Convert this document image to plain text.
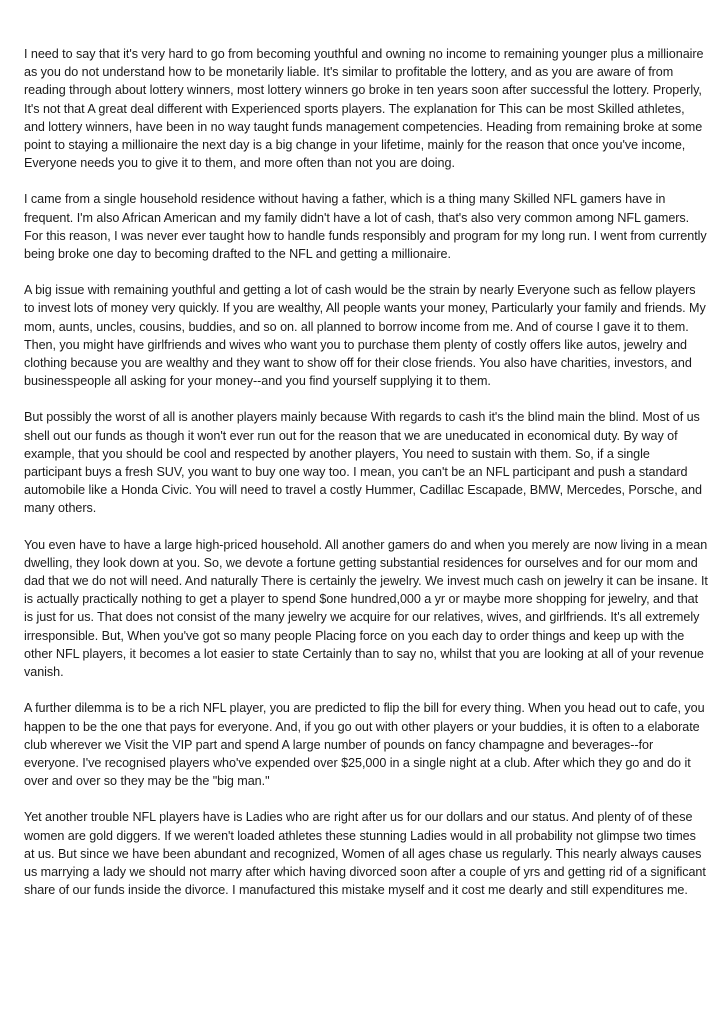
I need to say that it's very hard to go from becoming youthful and owning no income to remaining younger plus a millionaire as you do not understand how to be monetarily liable. It's similar to profitable the lottery, and as you are aware of from reading through about lottery winners, most lottery winners go broke in ten years soon after successful the lottery. Properly, It's not that A great deal different with Experienced sports players. The explanation for This can be most Skilled athletes, and lottery winners, have been in no way taught funds management competencies. Heading from remaining broke at some point to staying a millionaire the next day is a big change in your lifetime, mainly for the reason that once you've income, Everyone needs you to give it to them, and more often than not you are doing.

I came from a single household residence without having a father, which is a thing many Skilled NFL gamers have in frequent. I'm also African American and my family didn't have a lot of cash, that's also very common among NFL gamers. For this reason, I was never ever taught how to handle funds responsibly and program for my long run. I went from currently being broke one day to becoming drafted to the NFL and getting a millionaire.

A big issue with remaining youthful and getting a lot of cash would be the strain by nearly Everyone such as fellow players to invest lots of money very quickly. If you are wealthy, All people wants your money, Particularly your family and friends. My mom, aunts, uncles, cousins, buddies, and so on. all planned to borrow income from me. And of course I gave it to them. Then, you might have girlfriends and wives who want you to purchase them plenty of costly offers like autos, jewelry and clothing because you are wealthy and they want to show off for their close friends. You also have charities, investors, and businesspeople all asking for your money--and you find yourself supplying it to them.

But possibly the worst of all is another players mainly because With regards to cash it's the blind main the blind. Most of us shell out our funds as though it won't ever run out for the reason that we are uneducated in economical duty. By way of example, that you should be cool and respected by another players, You need to sustain with them. So, if a single participant buys a fresh SUV, you want to buy one way too. I mean, you can't be an NFL participant and push a standard automobile like a Honda Civic. You will need to travel a costly Hummer, Cadillac Escapade, BMW, Mercedes, Porsche, and many others.

You even have to have a large high-priced household. All another gamers do and when you merely are now living in a mean dwelling, they look down at you. So, we devote a fortune getting substantial residences for ourselves and for our mom and dad that we do not will need. And naturally There is certainly the jewelry. We invest much cash on jewelry it can be insane. It is actually practically nothing to get a player to spend $one hundred,000 a yr or maybe more shopping for jewelry, and that is just for us. That does not consist of the many jewelry we acquire for our relatives, wives, and girlfriends. It's all extremely irresponsible. But, When you've got so many people Placing force on you each day to order things and keep up with the other NFL players, it becomes a lot easier to state Certainly than to say no, whilst that you are looking at all of your revenue vanish.

A further dilemma is to be a rich NFL player, you are predicted to flip the bill for every thing. When you head out to cafe, you happen to be the one that pays for everyone. And, if you go out with other players or your buddies, it is often to a elaborate club wherever we Visit the VIP part and spend A large number of pounds on fancy champagne and beverages--for everyone. I've recognised players who've expended over $25,000 in a single night at a club. After which they go and do it over and over so they may be the "big man."

Yet another trouble NFL players have is Ladies who are right after us for our dollars and our status. And plenty of of these women are gold diggers. If we weren't loaded athletes these stunning Ladies would in all probability not glimpse two times at us. But since we have been abundant and recognized, Women of all ages chase us regularly. This nearly always causes us marrying a lady we should not marry after which having divorced soon after a couple of yrs and getting rid of a significant share of our funds inside the divorce. I manufactured this mistake myself and it cost me dearly and still expenditures me.
